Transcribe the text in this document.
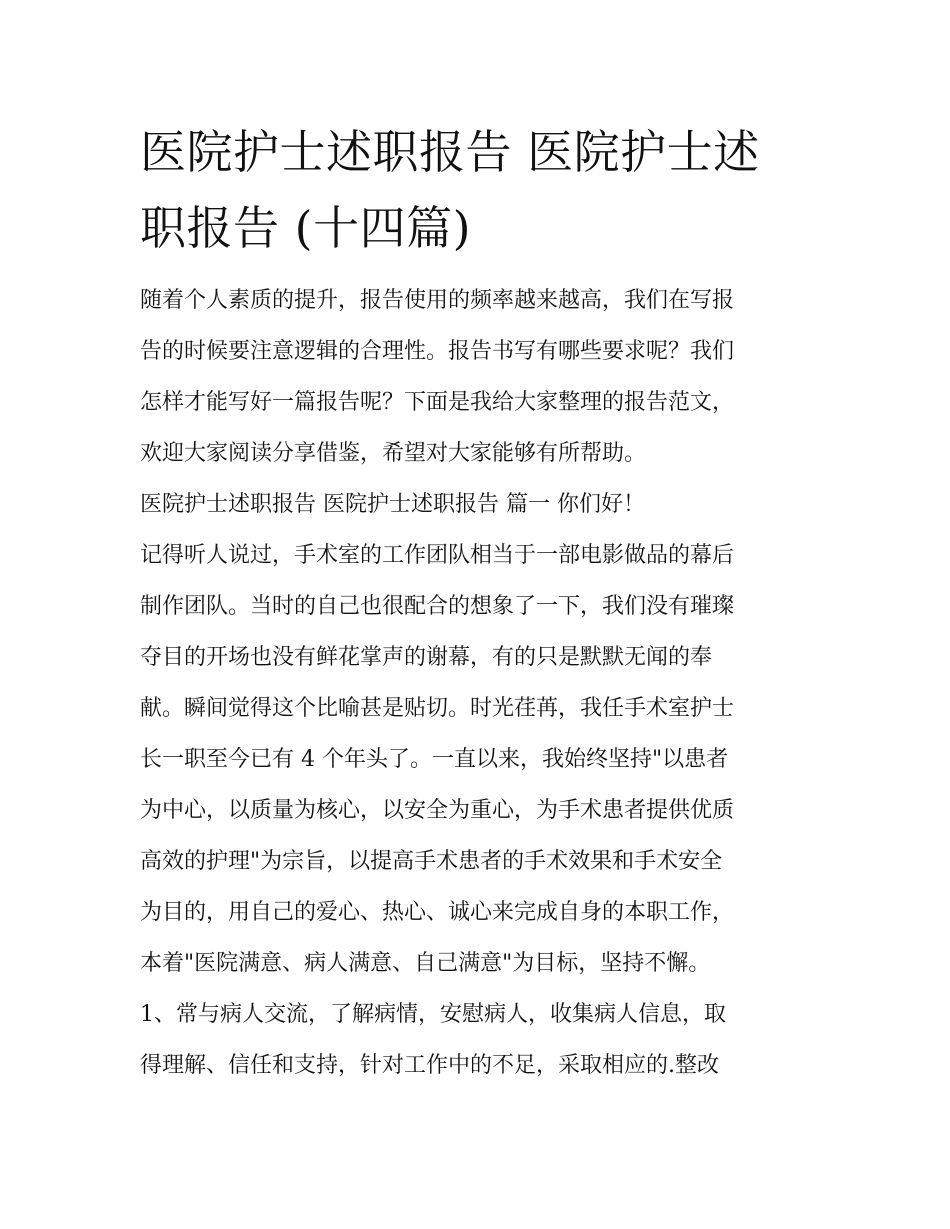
医院护士述职报告 医院护士述
职报告 (十四篇)
随着个人素质的提升，报告使用的频率越来越高，我们在写报
告的时候要注意逻辑的合理性。报告书写有哪些要求呢？我们
怎样才能写好一篇报告呢？下面是我给大家整理的报告范文，
欢迎大家阅读分享借鉴，希望对大家能够有所帮助。
医院护士述职报告 医院护士述职报告 篇一 你们好！
记得听人说过，手术室的工作团队相当于一部电影做品的幕后
制作团队。当时的自己也很配合的想象了一下，我们没有璀璨
夺目的开场也没有鲜花掌声的谢幕，有的只是默默无闻的奉
献。瞬间觉得这个比喻甚是贴切。时光荏苒，我任手术室护士
长一职至今已有 4 个年头了。一直以来，我始终坚持"以患者
为中心，以质量为核心，以安全为重心，为手术患者提供优质
高效的护理"为宗旨，以提高手术患者的手术效果和手术安全
为目的，用自己的爱心、热心、诚心来完成自身的本职工作，
本着"医院满意、病人满意、自己满意"为目标，坚持不懈。
1、常与病人交流，了解病情，安慰病人，收集病人信息，取
得理解、信任和支持，针对工作中的不足，采取相应的.整改
